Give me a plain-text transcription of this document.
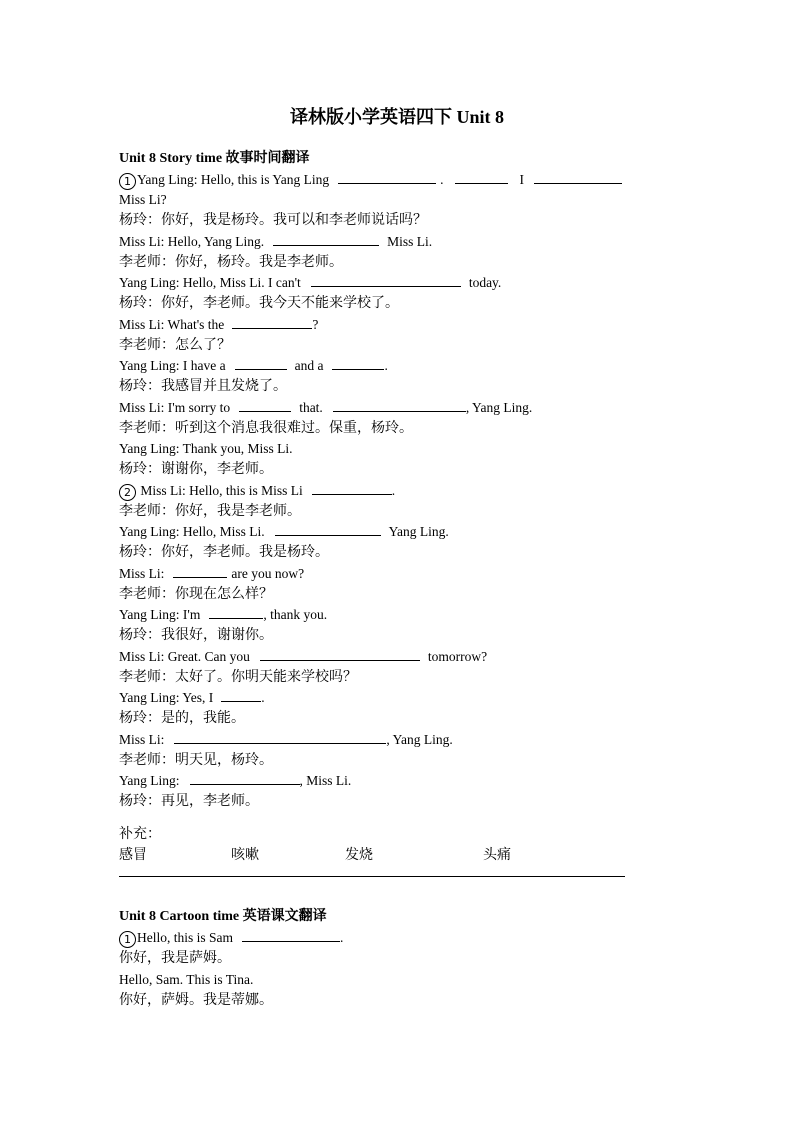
译林版小学英语四下 Unit 8
Unit 8 Story time 故事时间翻译
1 Yang Ling: Hello, this is Yang Ling	.	I
Miss Li?
杨玲：你好，我是杨玲。我可以和李老师说话吗？
Miss Li: Hello, Yang Ling.	Miss Li.
李老师：你好，杨玲。我是李老师。
Yang Ling: Hello, Miss Li. I can't	today.
杨玲：你好，李老师。我今天不能来学校了。
Miss Li: What's the	?
李老师：怎么了？
Yang Ling: I have a	and a	.
杨玲：我感冒并且发烧了。
Miss Li: I'm sorry to	that.	, Yang Ling.
李老师：听到这个消息我很难过。保重，杨玲。
Yang Ling: Thank you, Miss Li.
杨玲：谢谢你，李老师。
2 Miss Li: Hello, this is Miss Li	.
李老师：你好，我是李老师。
Yang Ling: Hello, Miss Li.	Yang Ling.
杨玲：你好，李老师。我是杨玲。
Miss Li:	are you now?
李老师：你现在怎么样？
Yang Ling: I'm	, thank you.
杨玲：我很好，谢谢你。
Miss Li: Great. Can you	tomorrow?
李老师：太好了。你明天能来学校吗？
Yang Ling: Yes, I	.
杨玲：是的，我能。
Miss Li:	, Yang Ling.
李老师：明天见，杨玲。
Yang Ling:	, Miss Li.
杨玲：再见，李老师。
补充：
感冒	咳嗽	发烧	头痛
Unit 8 Cartoon time 英语课文翻译
1 Hello, this is Sam	.
你好，我是萨姆。
Hello, Sam. This is Tina.
你好，萨姆。我是蒂娜。
